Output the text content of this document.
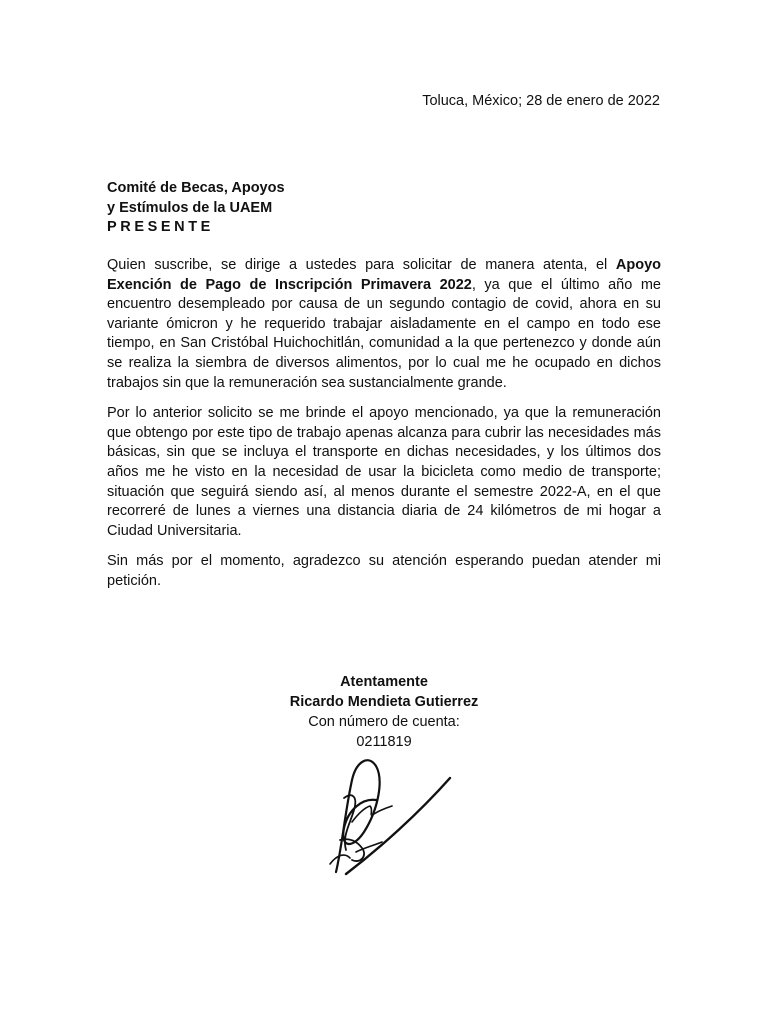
Toluca, México; 28 de enero de 2022
Comité de Becas, Apoyos
y Estímulos de la UAEM
PRESENTE

Quien suscribe, se dirige a ustedes para solicitar de manera atenta, el Apoyo Exención de Pago de Inscripción Primavera 2022, ya que el último año me encuentro desempleado por causa de un segundo contagio de covid, ahora en su variante ómicron y he requerido trabajar aisladamente en el campo en todo ese tiempo, en San Cristóbal Huichochitlán, comunidad a la que pertenezco y donde aún se realiza la siembra de diversos alimentos, por lo cual me he ocupado en dichos trabajos sin que la remuneración sea sustancialmente grande.

Por lo anterior solicito se me brinde el apoyo mencionado, ya que la remuneración que obtengo por este tipo de trabajo apenas alcanza para cubrir las necesidades más básicas, sin que se incluya el transporte en dichas necesidades, y los últimos dos años me he visto en la necesidad de usar la bicicleta como medio de transporte; situación que seguirá siendo así, al menos durante el semestre 2022-A, en el que recorreré de lunes a viernes una distancia diaria de 24 kilómetros de mi hogar a Ciudad Universitaria.

Sin más por el momento, agradezco su atención esperando puedan atender mi petición.

Atentamente
Ricardo Mendieta Gutierrez
Con número de cuenta:
0211819
